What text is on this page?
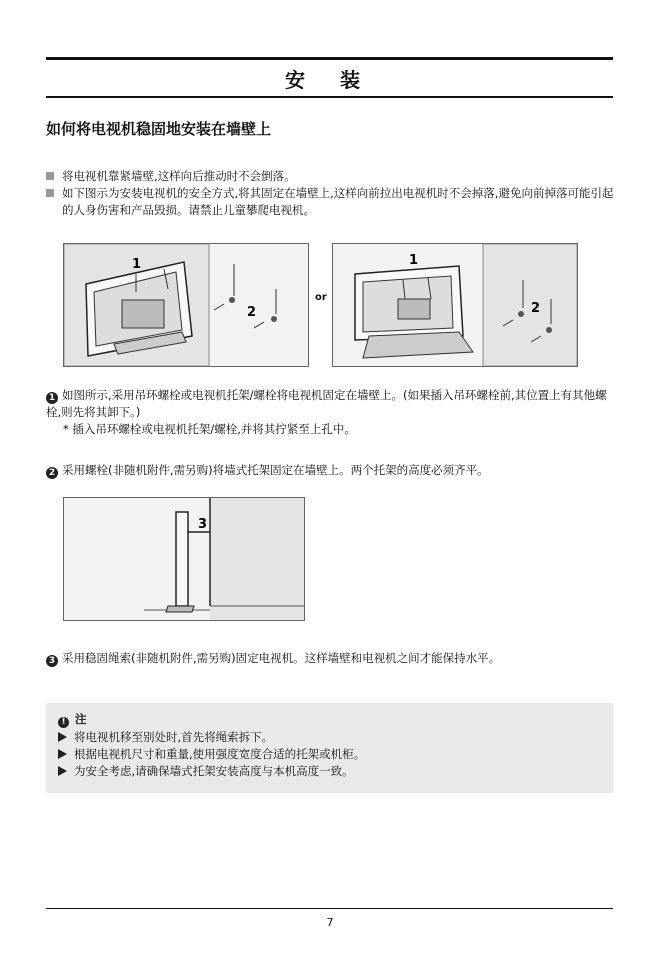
安 装
如何将电视机稳固地安装在墙壁上
将电视机靠紧墙壁,这样向后推动时不会倒落。
如下图示为安装电视机的安全方式,将其固定在墙壁上,这样向前拉出电视机时不会掉落,避免向前掉落可能引起的人身伤害和产品毁损。请禁止儿童攀爬电视机。
1
2
or
1
2
1 如图所示,采用吊环螺栓或电视机托架/螺栓将电视机固定在墙壁上。(如果插入吊环螺栓前,其位置上有其他螺栓,则先将其卸下。)
* 插入吊环螺栓或电视机托架/螺栓,并将其拧紧至上孔中。
2 采用螺栓(非随机附件,需另购)将墙式托架固定在墙壁上。两个托架的高度必须齐平。
3
3 采用稳固绳索(非随机附件,需另购)固定电视机。这样墙壁和电视机之间才能保持水平。
! 注
将电视机移至别处时,首先将绳索拆下。
根据电视机尺寸和重量,使用强度宽度合适的托架或机柜。
为安全考虑,请确保墙式托架安装高度与本机高度一致。
7
